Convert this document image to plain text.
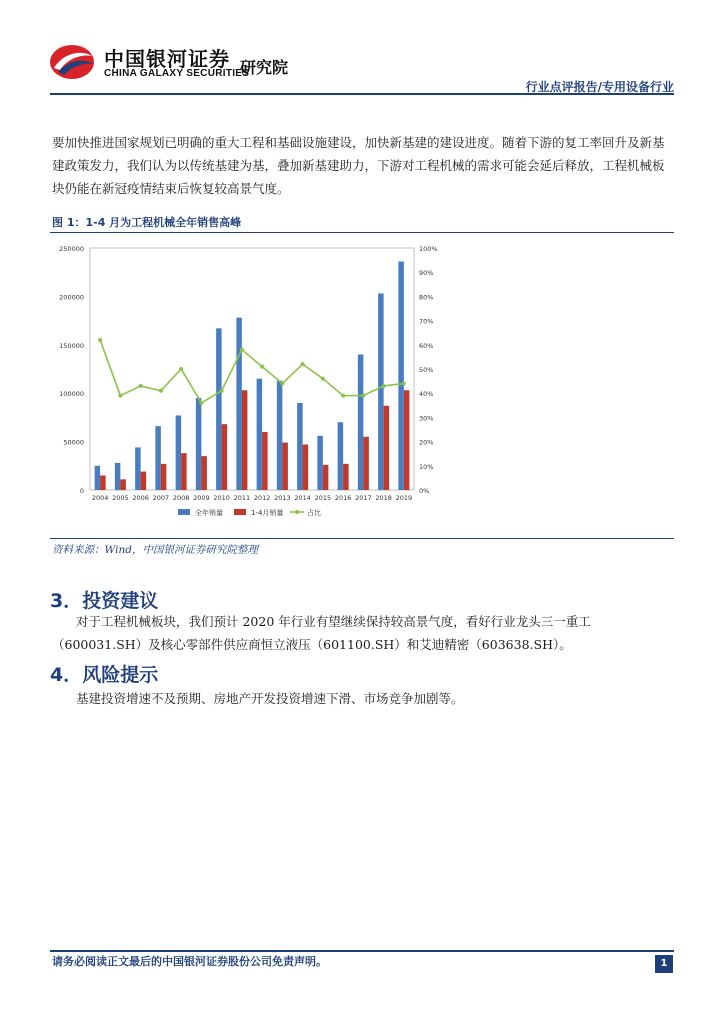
中国银河证券
CHINA GALAXY SECURITIES
研究院
行业点评报告/专用设备行业
要加快推进国家规划已明确的重大工程和基础设施建设，加快新基建的建设进度。随着下游的复工率回升及新基建政策发力，我们认为以传统基建为基，叠加新基建助力，下游对工程机械的需求可能会延后释放，工程机械板块仍能在新冠疫情结束后恢复较高景气度。
图 1：1-4 月为工程机械全年销售高峰
0
50000
100000
150000
200000
250000
0%
10%
20%
30%
40%
50%
60%
70%
80%
90%
100%
2004 2005 2006 2007 2008 2009 2010 2011 2012 2013 2014 2015 2016 2017 2018 2019
全年销量	1-4月销量	占比
资料来源：Wind，中国银河证券研究院整理
3．投资建议
对于工程机械板块，我们预计 2020 年行业有望继续保持较高景气度，看好行业龙头三一重工（600031.SH）及核心零部件供应商恒立液压（601100.SH）和艾迪精密（603638.SH）。
4．风险提示
基建投资增速不及预期、房地产开发投资增速下滑、市场竞争加剧等。
请务必阅读正文最后的中国银河证券股份公司免责声明。	1
